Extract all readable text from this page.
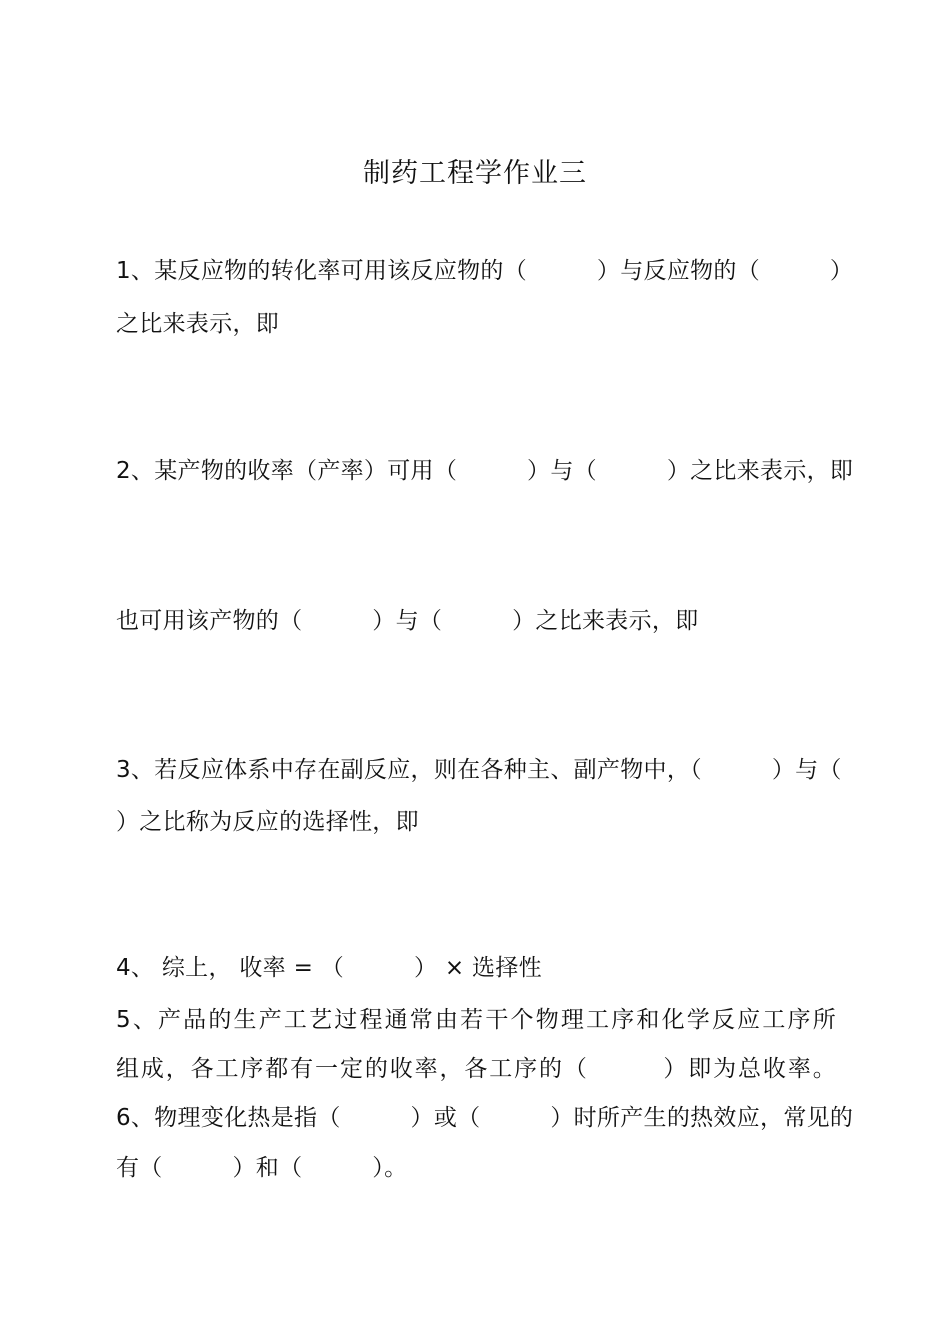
制药工程学作业三
1、某反应物的转化率可用该反应物的（　　　）与反应物的（　　　）
之比来表示，即
2、某产物的收率（产率）可用（　　　）与（　　　）之比来表示，即
也可用该产物的（　　　）与（　　　）之比来表示，即
3、若反应体系中存在副反应，则在各种主、副产物中，（　　　）与（
）之比称为反应的选择性，即
4、 综上， 收率 = （　　　） × 选择性
5、产品的生产工艺过程通常由若干个物理工序和化学反应工序所
组成，各工序都有一定的收率，各工序的（　　　）即为总收率。
6、物理变化热是指（　　　）或（　　　）时所产生的热效应，常见的
有（　　　）和（　　　）。
